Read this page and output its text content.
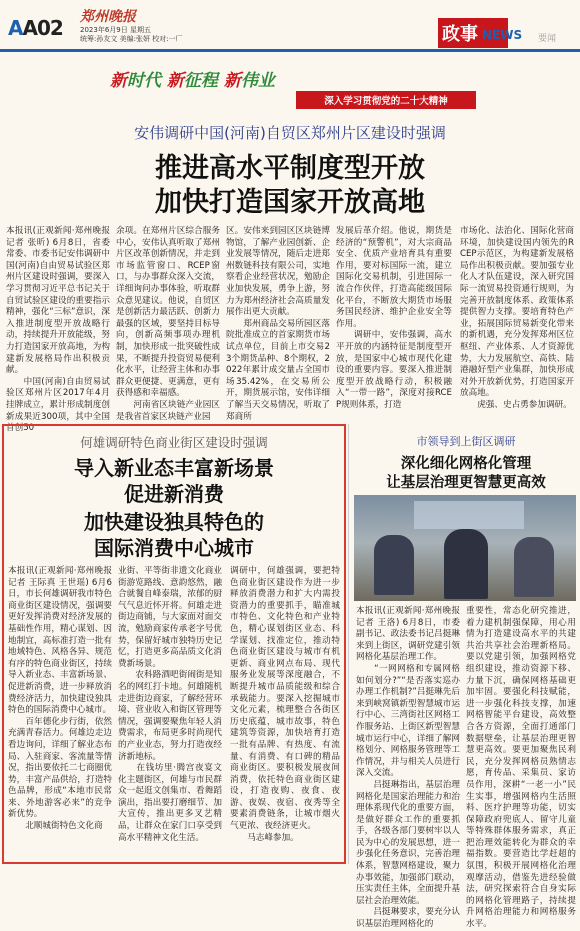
AA02 郑州晚报
2023年6月9日 星期五
统筹:孙友文 美编:张妍 校对:一厂	政事 NEWS 要闻
新时代 新征程 新伟业
深入学习贯彻党的二十大精神
安伟调研中国(河南)自贸区郑州片区建设时强调
推进高水平制度型开放
加快打造国家开放高地
本报讯(正观新闻·郑州晚报记者 张昕) 6月8日，省委常委、市委书记安伟调研中国(河南)自由贸易试验区郑州片区建设时强调，要深入学习贯彻习近平总书记关于自贸试验区建设的重要指示精神，强化“三标”意识，深入推进制度型开放战略行动，持续提升开放能级，努力打造国家开放高地，为构建新发展格局作出积极贡献。
　　中国(河南)自由贸易试验区郑州片区2017年4月挂牌成立，累计形成制度创新成果近300项，其中全国首创50
余项。在郑州片区综合服务中心，安伟认真听取了郑州片区改革创新情况，并走到市场监管窗口、RCEP窗口，与办事群众深入交流，详细询问办事体验，听取群众意见建议。他说，自贸区是创新活力最活跃、创新力最强的区域，要坚持目标导向，创新高频事项办理机制，加快形成一批突破性成果，不断提升投资贸易便利化水平，让经营主体和办事群众更便捷、更满意，更有获得感和幸福感。
　　河南省区块链产业园区是我省首家区块链产业园
区。安伟来到园区区块链博物馆，了解产业园创新、企业发展等情况，随后走进郑州数链科技有限公司，实地察看企业经营状况，勉励企业加快发展，勇争上游，努力为郑州经济社会高质量发展作出更大贡献。
　　郑州商品交易所园区落院批准成立的首家期货市场试点单位，目前上市交易23个期货品种、8个期权，2022年累计成交量占全国市场35.42%，在交易所公开，期货展示馆，安伟详细了解当天交易情况，听取了郑商所
发展后革介绍。他说，期货是经济的“预警机”，对大宗商品安全、优质产业培育具有重要作用，要对标国际一流，建立国际化交易机制，引进国际一流合作伙伴，打造高能级国际化平台，不断放大期货市场服务国民经济、维护企业安全等作用。
　　调研中，安伟强调，高水平开放的内涵特征是制度型开放，是国家中心城市现代化建设的重要内容。要深入推进制度型开放战略行动，积极融入“一带一路”，深度对接RCEP规则体系，打造
市场化、法治化、国际化营商环境，加快建设国内领先的RCEP示范区，为构建新发展格局作出积极贡献。要加强专业化人才队伍建设，深入研究国际一流贸易投资通行规则，为完善开放制度体系、政策体系提供智力支撑。要培育特色产业，拓展国际贸易新变化带来的新机遇，充分发挥郑州区位枢纽、产业体系、人才资源优势，大力发展航空、高铁、陆港融好型产业集群，加快形成对外开放新优势，打造国家开放高地。
　　虎强、史占勇参加调研。
何雄调研特色商业街区建设时强调
导入新业态丰富新场景
促进新消费
加快建设独具特色的
国际消费中心城市
本报讯(正观新闻·郑州晚报记者 王际真 王世瑶) 6月6日，市长何雄调研我市特色商业街区建设情况，强调要更好发挥消费对经济发展的基础性作用，精心谋划、因地制宜，高标准打造一批有地域特色、风格各异、规范有序的特色商业街区，持续导入新业态、丰富新场景、促进新消费，进一步释放消费经济活力，加快建设独具特色的国际消费中心城市。
　　百年德化步行街，依然充满青春活力。何雄边走边看边询问，详细了解业态布局、入驻商家、客流量等情况，指出要依托二七商圈优势，丰富产品供给，打造特色品牌，形成“本地市民常来、外地游客必来”的竞争新优势。
　　北顺城街特色文化商
业街、平等街非遗文化商业街游览路线、意韵悠然，融合就餐自峰泰瑞，浓郁的厨气气息近怀开将。何雄走进街边商铺，与大家面对面交流，勉励商家传承老字号优势，保留好城市独特历史记忆，打造更多高品质文化消费新场景。
　　农科路酒吧街闹街是知名的网红打卡地。何雄随机走进街边商家，了解经营环境、营业收入和街区管理等情况，强调要聚焦年轻人消费需求，布局更多时尚现代的产业业态，努力打造夜经济新地标。
　　在钱坊里·腾宫夜宴文化主题街区，何雄与市民群众一起逛文创集市、看舞蹈演出，指出要打磨细节、加大宣传，推出更多叉艺精品，让群众在家门口享受到高水平精神文化生活。
调研中，何雄强调，要把特色商业街区建设作为进一步释放消费潜力和扩大内需投资潜力的重要抓手，瞄准城市特色、文化特色和产业特色，精心谋划街区业态、科学谋划、找准定位，推动特色商业街区建设与城市有机更新、商业网点布局、现代服务业发展等深度融合，不断提升城市品质能级和综合承载能力。要深入挖掘城市文化元素，梳理整合各街区历史底蕴，城市故事，特色建筑等资源，加快培育打造一批有品牌、有热度、有流量、有消费、有口碑的精品商业街区。要积极发展夜间消费，依托特色商业街区建设，打造夜购、夜食、夜游、夜娱、夜宿、夜秀等全要素消费链条，让城市烟火气更浓、夜经济更火。
　　马志峰参加。
市领导到上街区调研
深化细化网格化管理
让基层治理更智慧更高效
本报讯(正观新闻·郑州晚报记者 王洛) 6月8日，市委副书记、政法委书记吕挺琳来到上街区，调研党建引领网格化基层治理工作。
　　“一网网格和专属网格如何划分?”“是否落实巡办办理工作机制?”吕挺琳先后来到峡窝镇新型智慧城市运行中心、三湾街社区网格工作服务站、上街区新型智慧城市运行中心，详细了解网格划分、网格服务管理等工作情况，并与相关人员进行深入交流。
　　吕挺琳指出，基层治理网格化是国家治理能力和治理体系现代化的重要方面，是做好群众工作的重要抓手，各级各部门要树牢以人民为中心的发展思想，进一步强化任务意识，完善治理体系，智慧网格建设，聚力办事效能，加强部门联动，压实责任主体，全面提升基层社会治理效能。
　　吕挺琳要求，要充分认识基层治理网格化的
重要性，常态化研究推进，着力建机制强保障，用心用情为打造建设高水平的共建共治共享社会治理新格局。要以党建引领，加强网格党组织建设，推动资源下移、力量下沉，确保网格基础更加牢固。要强化科技赋能，进一步强化科技支撑，加速网格智能平台建设，高效整合各方资源，全面打通部门数据壁垒，让基层治理更智慧更高效。要更加聚焦民利民，充分发挥网格员熟情志愿，育传品、采集员、家访员作用，深耕“一老一小”民生实事，增强网格内生活照料、医疗护理等功能，切实保障政府兜底人、留守儿童等特殊群体服务需求，真正把治理效能转化为群众的幸福指数。要营造比学赶超的氛围，积极开展网格化治理观摩活动，借鉴先进经验做法，研究探索符合自身实际的网格化管理路子，持续提升网格治理能力和网格服务水平。
